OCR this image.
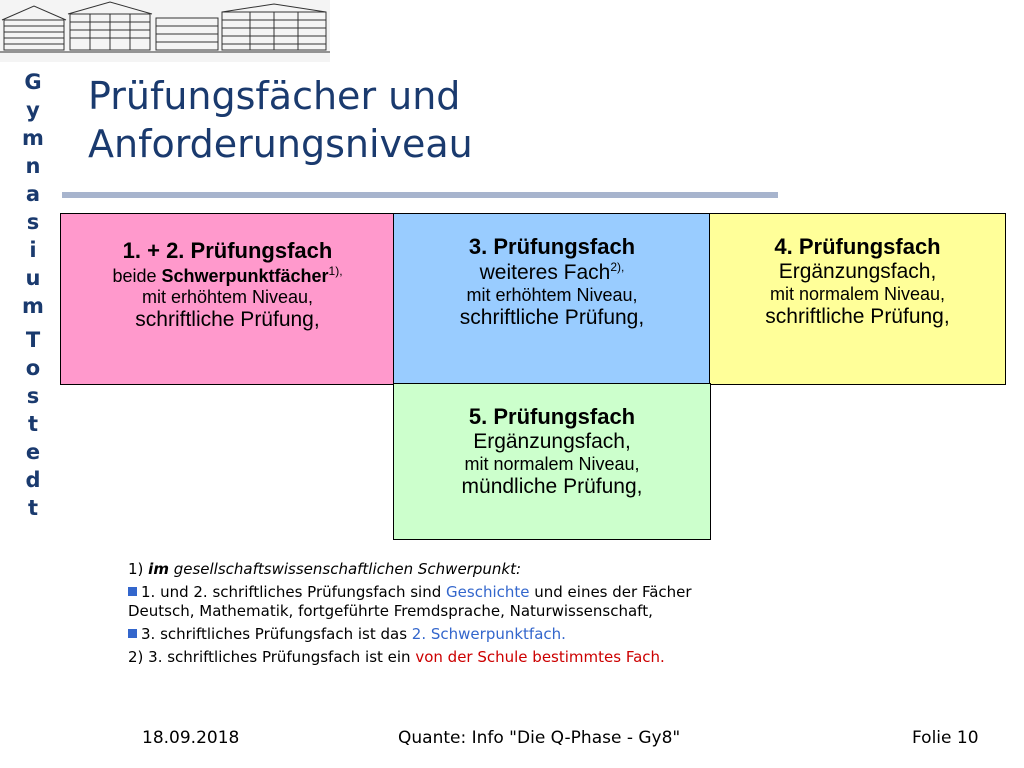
G
y
m
n
a
s
i
u
m
T
o
s
t
e
d
t
Prüfungsfächer und
Anforderungsniveau
1. + 2. Prüfungsfach
beide Schwerpunktfächer$^{1),}$
mit erhöhtem Niveau,
schriftliche Prüfung,
3. Prüfungsfach
weiteres Fach$^{2),}$
mit erhöhtem Niveau,
schriftliche Prüfung,
4. Prüfungsfach
Ergänzungsfach,
mit normalem Niveau,
schriftliche Prüfung,
5. Prüfungsfach
Ergänzungsfach,
mit normalem Niveau,
mündliche Prüfung,
1) im gesellschaftswissenschaftlichen Schwerpunkt:
1. und 2. schriftliches Prüfungsfach sind Geschichte und eines der Fächer
Deutsch, Mathematik, fortgeführte Fremdsprache, Naturwissenschaft,
3. schriftliches Prüfungsfach ist das 2. Schwerpunktfach.
2) 3. schriftliches Prüfungsfach ist ein von der Schule bestimmtes Fach.
18.09.2018	Quante: Info "Die Q-Phase - Gy8"	Folie 10
